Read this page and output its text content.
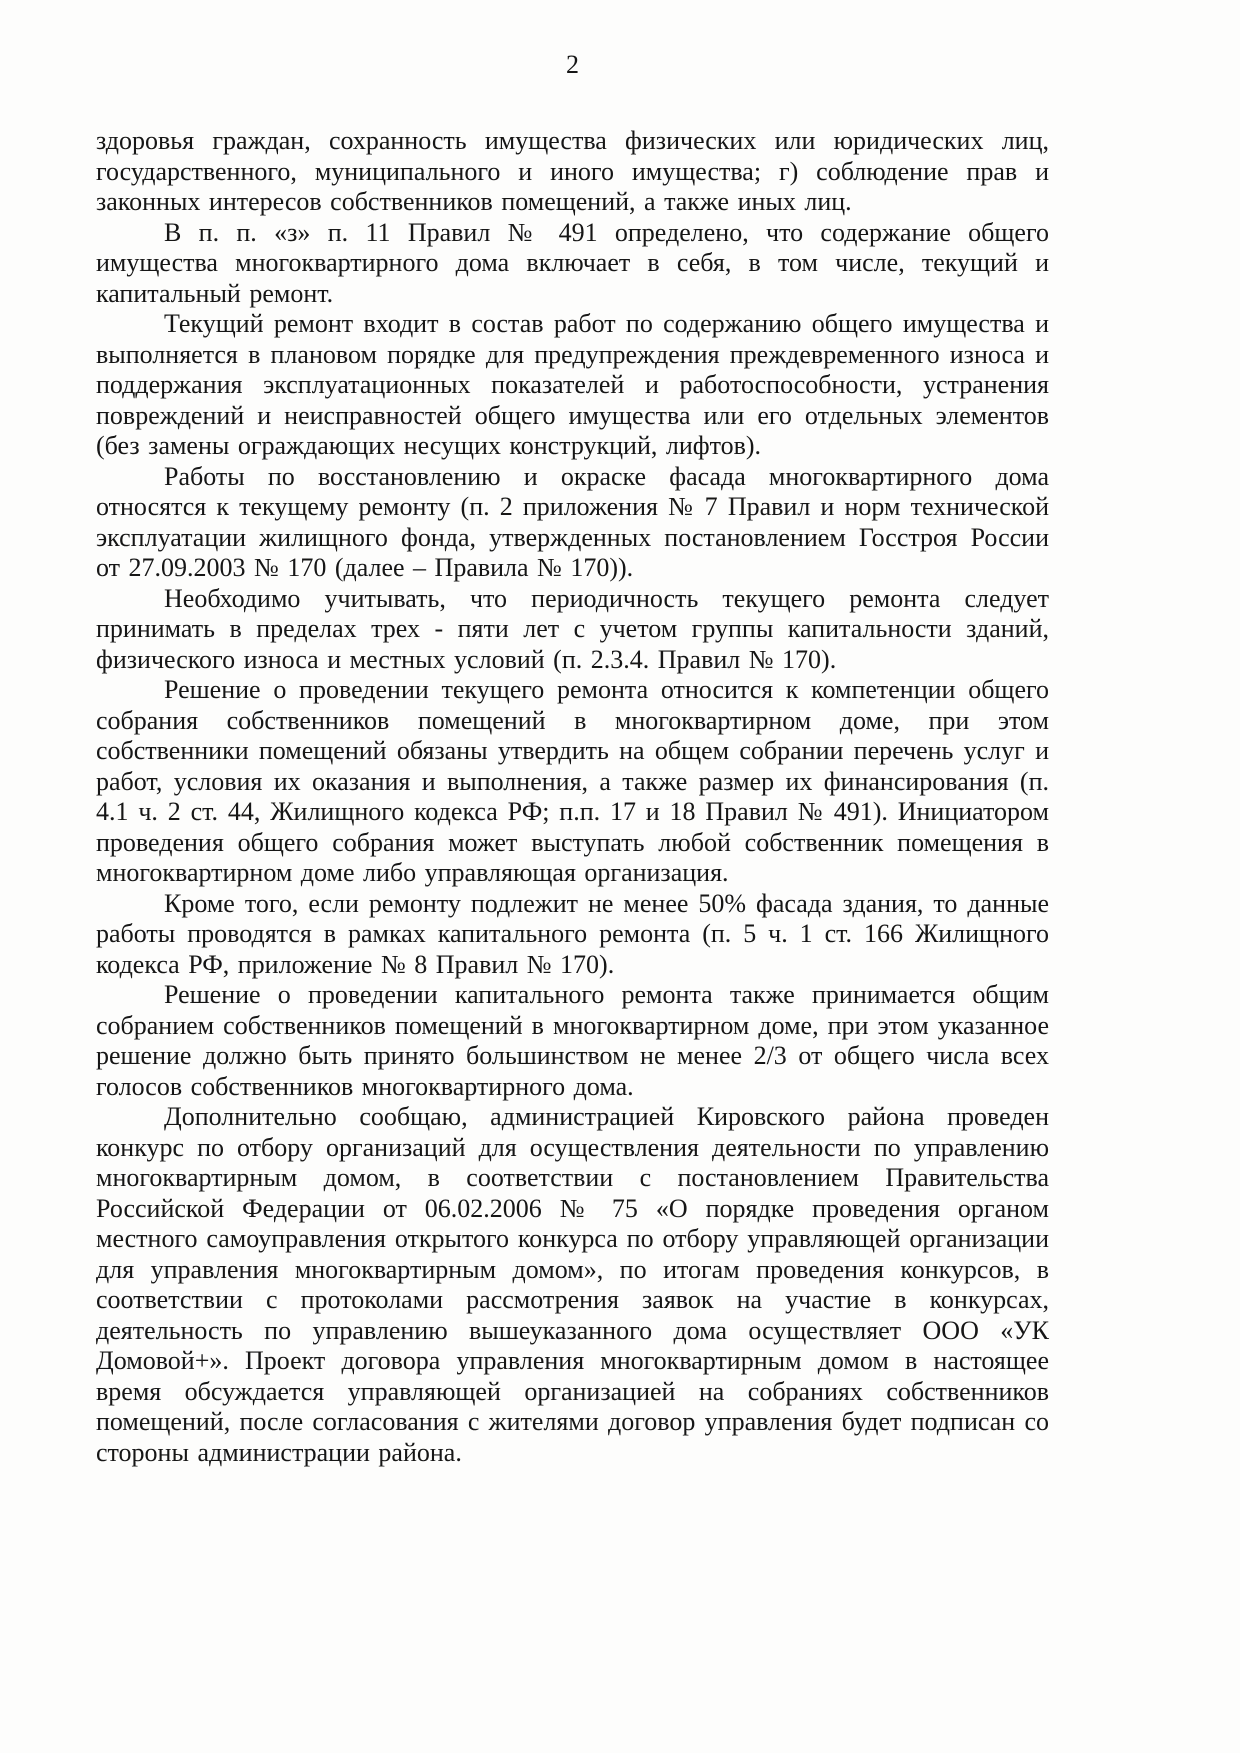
2

здоровья граждан, сохранность имущества физических или юридических лиц, государственного, муниципального и иного имущества; г) соблюдение прав и законных интересов собственников помещений, а также иных лиц.

В п. п. «з» п. 11 Правил № 491 определено, что содержание общего имущества многоквартирного дома включает в себя, в том числе, текущий и капитальный ремонт.

Текущий ремонт входит в состав работ по содержанию общего имущества и выполняется в плановом порядке для предупреждения преждевременного износа и поддержания эксплуатационных показателей и работоспособности, устранения повреждений и неисправностей общего имущества или его отдельных элементов (без замены ограждающих несущих конструкций, лифтов).

Работы по восстановлению и окраске фасада многоквартирного дома относятся к текущему ремонту (п. 2 приложения № 7 Правил и норм технической эксплуатации жилищного фонда, утвержденных постановлением Госстроя России от 27.09.2003 № 170 (далее – Правила № 170)).

Необходимо учитывать, что периодичность текущего ремонта следует принимать в пределах трех - пяти лет с учетом группы капитальности зданий, физического износа и местных условий (п. 2.3.4. Правил № 170).

Решение о проведении текущего ремонта относится к компетенции общего собрания собственников помещений в многоквартирном доме, при этом собственники помещений обязаны утвердить на общем собрании перечень услуг и работ, условия их оказания и выполнения, а также размер их финансирования (п. 4.1 ч. 2 ст. 44, Жилищного кодекса РФ; п.п. 17 и 18 Правил № 491). Инициатором проведения общего собрания может выступать любой собственник помещения в многоквартирном доме либо управляющая организация.

Кроме того, если ремонту подлежит не менее 50% фасада здания, то данные работы проводятся в рамках капитального ремонта (п. 5 ч. 1 ст. 166 Жилищного кодекса РФ, приложение № 8 Правил № 170).

Решение о проведении капитального ремонта также принимается общим собранием собственников помещений в многоквартирном доме, при этом указанное решение должно быть принято большинством не менее 2/3 от общего числа всех голосов собственников многоквартирного дома.

Дополнительно сообщаю, администрацией Кировского района проведен конкурс по отбору организаций для осуществления деятельности по управлению многоквартирным домом, в соответствии с постановлением Правительства Российской Федерации от 06.02.2006 № 75 «О порядке проведения органом местного самоуправления открытого конкурса по отбору управляющей организации для управления многоквартирным домом», по итогам проведения конкурсов, в соответствии с протоколами рассмотрения заявок на участие в конкурсах, деятельность по управлению вышеуказанного дома осуществляет ООО «УК Домовой+». Проект договора управления многоквартирным домом в настоящее время обсуждается управляющей организацией на собраниях собственников помещений, после согласования с жителями договор управления будет подписан со стороны администрации района.
